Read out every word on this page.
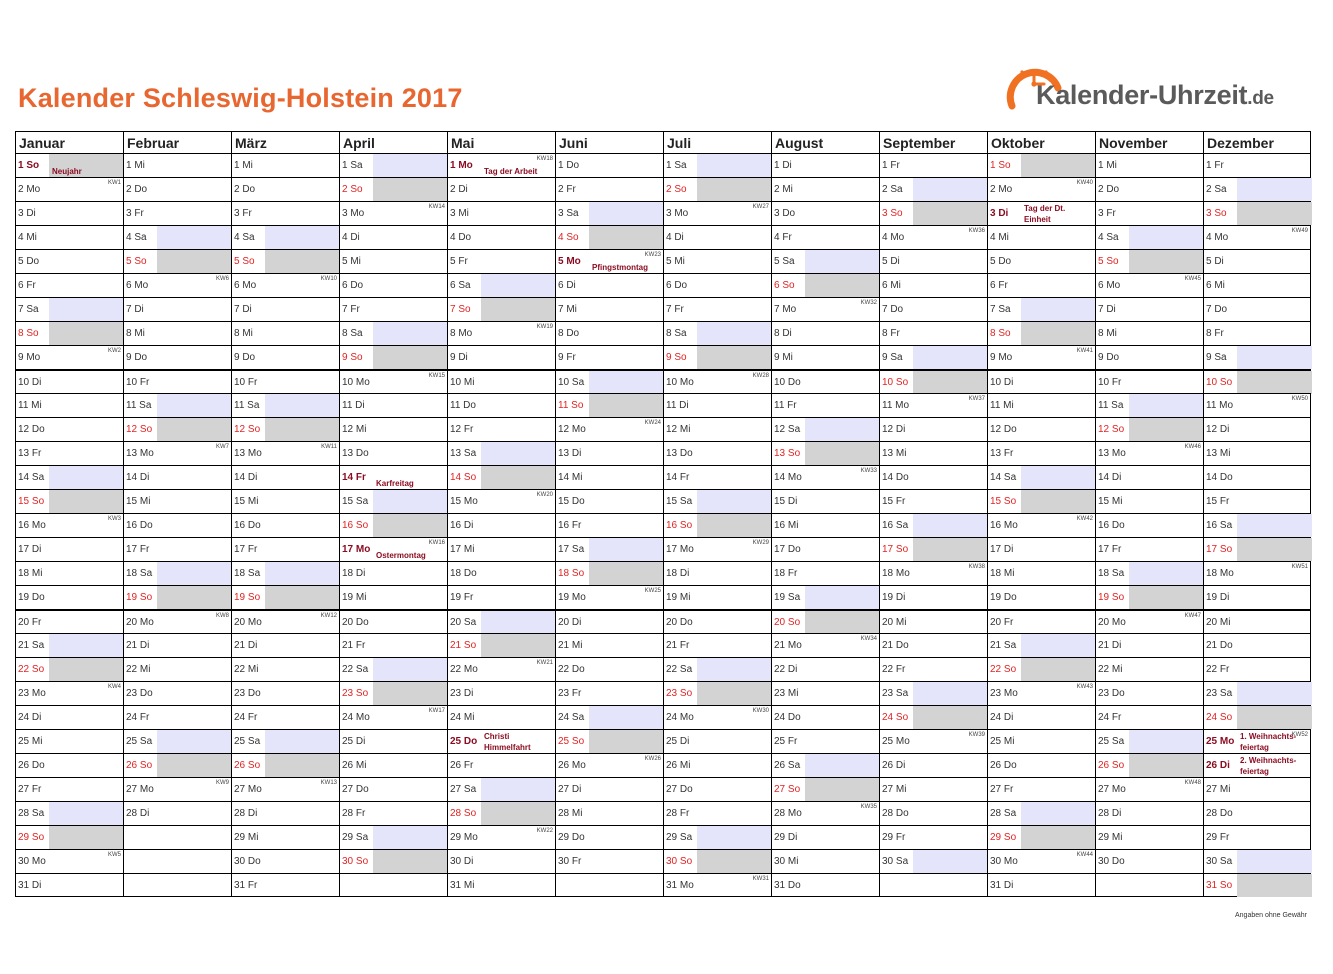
Kalender Schleswig-Holstein 2017	Kalender-Uhrzeit.de
Januar
1 So
Neujahr
2 Mo
KW1
3 Di
4 Mi
5 Do
6 Fr
7 Sa
8 So
9 Mo
KW2
10 Di
11 Mi
12 Do
13 Fr
14 Sa
15 So
16 Mo
KW3
17 Di
18 Mi
19 Do
20 Fr
21 Sa
22 So
23 Mo
KW4
24 Di
25 Mi
26 Do
27 Fr
28 Sa
29 So
30 Mo
KW5
31 Di
Februar
1 Mi
2 Do
3 Fr
4 Sa
5 So
6 Mo
KW6
7 Di
8 Mi
9 Do
10 Fr
11 Sa
12 So
13 Mo
KW7
14 Di
15 Mi
16 Do
17 Fr
18 Sa
19 So
20 Mo
KW8
21 Di
22 Mi
23 Do
24 Fr
25 Sa
26 So
27 Mo
KW9
28 Di
März
1 Mi
2 Do
3 Fr
4 Sa
5 So
6 Mo
KW10
7 Di
8 Mi
9 Do
10 Fr
11 Sa
12 So
13 Mo
KW11
14 Di
15 Mi
16 Do
17 Fr
18 Sa
19 So
20 Mo
KW12
21 Di
22 Mi
23 Do
24 Fr
25 Sa
26 So
27 Mo
KW13
28 Di
29 Mi
30 Do
31 Fr
April
1 Sa
2 So
3 Mo
KW14
4 Di
5 Mi
6 Do
7 Fr
8 Sa
9 So
10 Mo
KW15
11 Di
12 Mi
13 Do
14 Fr
Karfreitag
15 Sa
16 So
17 Mo
KW16
Ostermontag
18 Di
19 Mi
20 Do
21 Fr
22 Sa
23 So
24 Mo
KW17
25 Di
26 Mi
27 Do
28 Fr
29 Sa
30 So
Mai
1 Mo
KW18
Tag der Arbeit
2 Di
3 Mi
4 Do
5 Fr
6 Sa
7 So
8 Mo
KW19
9 Di
10 Mi
11 Do
12 Fr
13 Sa
14 So
15 Mo
KW20
16 Di
17 Mi
18 Do
19 Fr
20 Sa
21 So
22 Mo
KW21
23 Di
24 Mi
25 Do Christi
Himmelfahrt
26 Fr
27 Sa
28 So
29 Mo
KW22
30 Di
31 Mi
Juni
1 Do
2 Fr
3 Sa
4 So
5 Mo
KW23
Pfingstmontag
6 Di
7 Mi
8 Do
9 Fr
10 Sa
11 So
12 Mo
KW24
13 Di
14 Mi
15 Do
16 Fr
17 Sa
18 So
19 Mo
KW25
20 Di
21 Mi
22 Do
23 Fr
24 Sa
25 So
26 Mo
KW26
27 Di
28 Mi
29 Do
30 Fr
Juli
1 Sa
2 So
3 Mo
KW27
4 Di
5 Mi
6 Do
7 Fr
8 Sa
9 So
10 Mo
KW28
11 Di
12 Mi
13 Do
14 Fr
15 Sa
16 So
17 Mo
KW29
18 Di
19 Mi
20 Do
21 Fr
22 Sa
23 So
24 Mo
KW30
25 Di
26 Mi
27 Do
28 Fr
29 Sa
30 So
31 Mo
KW31
August
1 Di
2 Mi
3 Do
4 Fr
5 Sa
6 So
7 Mo
KW32
8 Di
9 Mi
10 Do
11 Fr
12 Sa
13 So
14 Mo
KW33
15 Di
16 Mi
17 Do
18 Fr
19 Sa
20 So
21 Mo
KW34
22 Di
23 Mi
24 Do
25 Fr
26 Sa
27 So
28 Mo
KW35
29 Di
30 Mi
31 Do
September
1 Fr
2 Sa
3 So
4 Mo
KW36
5 Di
6 Mi
7 Do
8 Fr
9 Sa
10 So
11 Mo
KW37
12 Di
13 Mi
14 Do
15 Fr
16 Sa
17 So
18 Mo
KW38
19 Di
20 Mi
21 Do
22 Fr
23 Sa
24 So
25 Mo
KW39
26 Di
27 Mi
28 Do
29 Fr
30 Sa
Oktober
1 So
2 Mo
KW40
3 Di Tag der Dt.
Einheit
4 Mi
5 Do
6 Fr
7 Sa
8 So
9 Mo
KW41
10 Di
11 Mi
12 Do
13 Fr
14 Sa
15 So
16 Mo
KW42
17 Di
18 Mi
19 Do
20 Fr
21 Sa
22 So
23 Mo
KW43
24 Di
25 Mi
26 Do
27 Fr
28 Sa
29 So
30 Mo
KW44
31 Di
November
1 Mi
2 Do
3 Fr
4 Sa
5 So
6 Mo
KW45
7 Di
8 Mi
9 Do
10 Fr
11 Sa
12 So
13 Mo
KW46
14 Di
15 Mi
16 Do
17 Fr
18 Sa
19 So
20 Mo
KW47
21 Di
22 Mi
23 Do
24 Fr
25 Sa
26 So
27 Mo
KW48
28 Di
29 Mi
30 Do
Dezember
1 Fr
2 Sa
3 So
4 Mo
KW49
5 Di
6 Mi
7 Do
8 Fr
9 Sa
10 So
11 Mo
KW50
12 Di
13 Mi
14 Do
15 Fr
16 Sa
17 So
18 Mo
KW51
19 Di
20 Mi
21 Do
22 Fr
23 Sa
24 So
25 Mo
KW52
1. Weihnachts-
feiertag
26 Di 2. Weihnachts-
feiertag
27 Mi
28 Do
29 Fr
30 Sa
31 So
Angaben ohne Gewähr
